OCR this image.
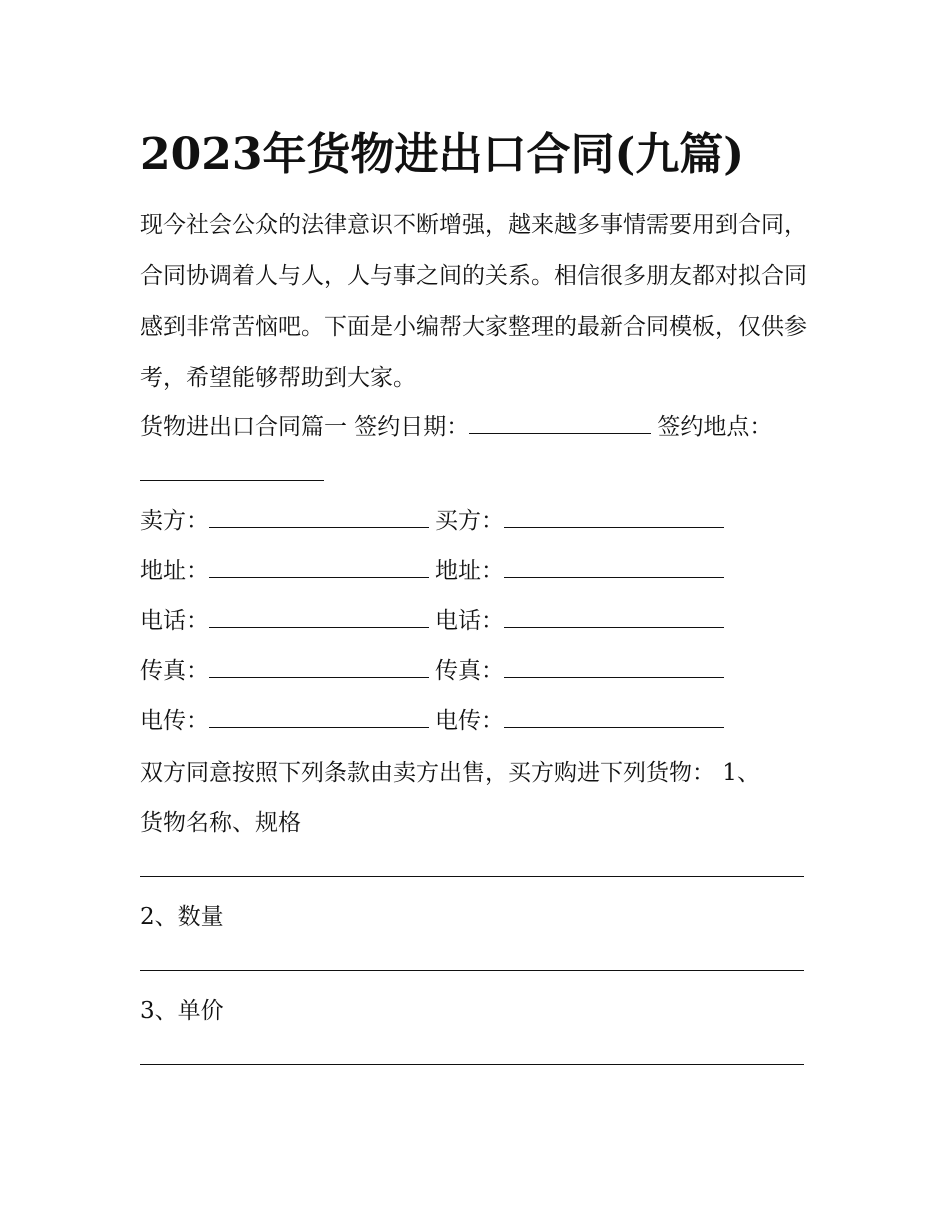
2023年货物进出口合同(九篇)
现今社会公众的法律意识不断增强，越来越多事情需要用到合同，合同协调着人与人，人与事之间的关系。相信很多朋友都对拟合同感到非常苦恼吧。下面是小编帮大家整理的最新合同模板，仅供参考，希望能够帮助到大家。
货物进出口合同篇一 签约日期：	签约地点：
卖方：	买方：
地址：	地址：
电话：	电话：
传真：	传真：
电传：	电传：
双方同意按照下列条款由卖方出售，买方购进下列货物： 1、
货物名称、规格
2、数量
3、单价
